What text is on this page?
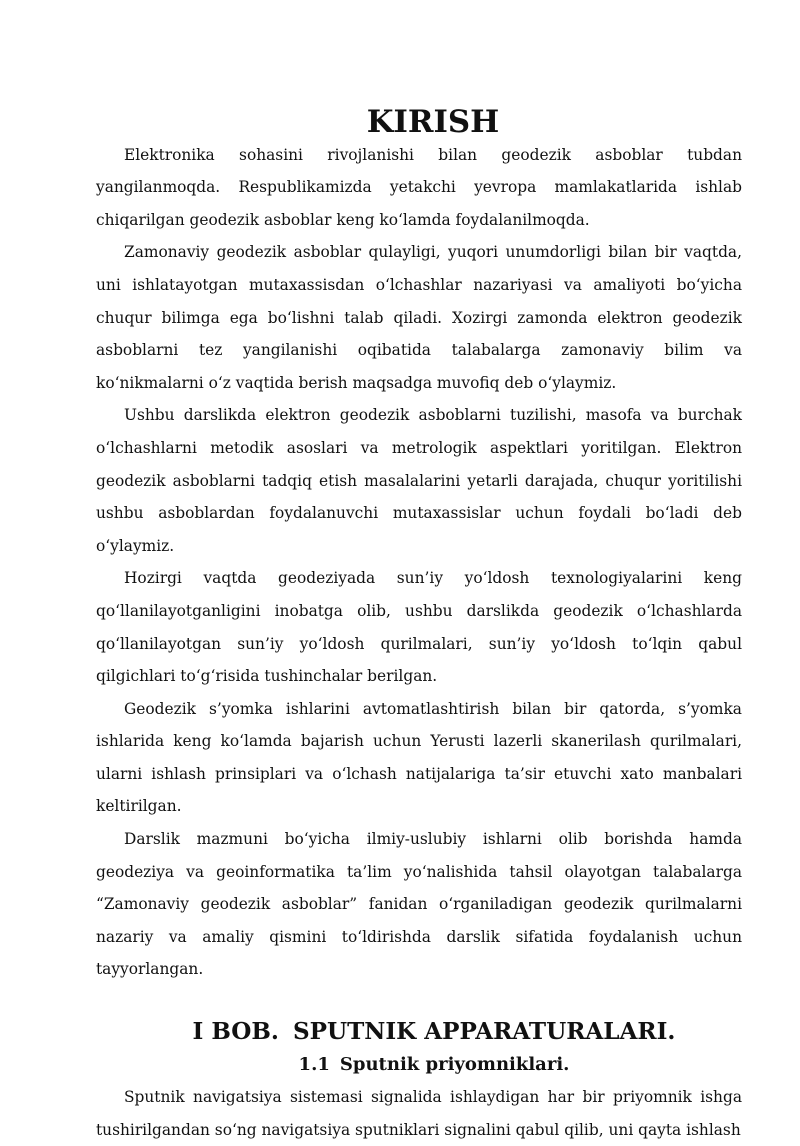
KIRISH

Elektronika sohasini rivojlanishi bilan geodezik asboblar tubdan yangilanmoqda. Respublikamizda yetakchi yevropa mamlakatlarida ishlab chiqarilgan geodezik asboblar keng ko‘lamda foydalanilmoqda.

Zamonaviy geodezik asboblar qulayligi, yuqori unumdorligi bilan bir vaqtda, uni ishlatayotgan mutaxassisdan o‘lchashlar nazariyasi va amaliyoti bo‘yicha chuqur bilimga ega bo‘lishni talab qiladi. Xozirgi zamonda elektron geodezik asboblarni tez yangilanishi oqibatida talabalarga zamonaviy bilim va ko‘nikmalarni o‘z vaqtida berish maqsadga muvofiq deb o‘ylaymiz.

Ushbu darslikda elektron geodezik asboblarni tuzilishi, masofa va burchak o‘lchashlarni metodik asoslari va metrologik aspektlari yoritilgan. Elektron geodezik asboblarni tadqiq etish masalalarini yetarli darajada, chuqur yoritilishi ushbu asboblardan foydalanuvchi mutaxassislar uchun foydali bo‘ladi deb o‘ylaymiz.

Hozirgi vaqtda geodeziyada sun’iy yo‘ldosh texnologiyalarini keng qo‘llanilayotganligini inobatga olib, ushbu darslikda geodezik o‘lchashlarda qo‘llanilayotgan sun’iy yo‘ldosh qurilmalari, sun’iy yo‘ldosh to‘lqin qabul qilgichlari to‘g‘risida tushinchalar berilgan.

Geodezik s’yomka ishlarini avtomatlashtirish bilan bir qatorda, s’yomka ishlarida keng ko‘lamda bajarish uchun Yerusti lazerli skanerilash qurilmalari, ularni ishlash prinsiplari va o‘lchash natijalariga ta’sir etuvchi xato manbalari keltirilgan.

Darslik mazmuni bo‘yicha ilmiy-uslubiy ishlarni olib borishda hamda geodeziya va geoinformatika ta’lim yo‘nalishida tahsil olayotgan talabalarga “Zamonaviy geodezik asboblar” fanidan o‘rganiladigan geodezik qurilmalarni nazariy va amaliy qismini to‘ldirishda darslik sifatida foydalanish uchun tayyorlangan.

I BOB. SPUTNIK APPARATURALARI.
1.1 Sputnik priyomniklari.

Sputnik navigatsiya sistemasi signalida ishlaydigan har bir priyomnik ishga tushirilgandan so‘ng navigatsiya sputniklari signalini qabul qilib, uni qayta ishlash
